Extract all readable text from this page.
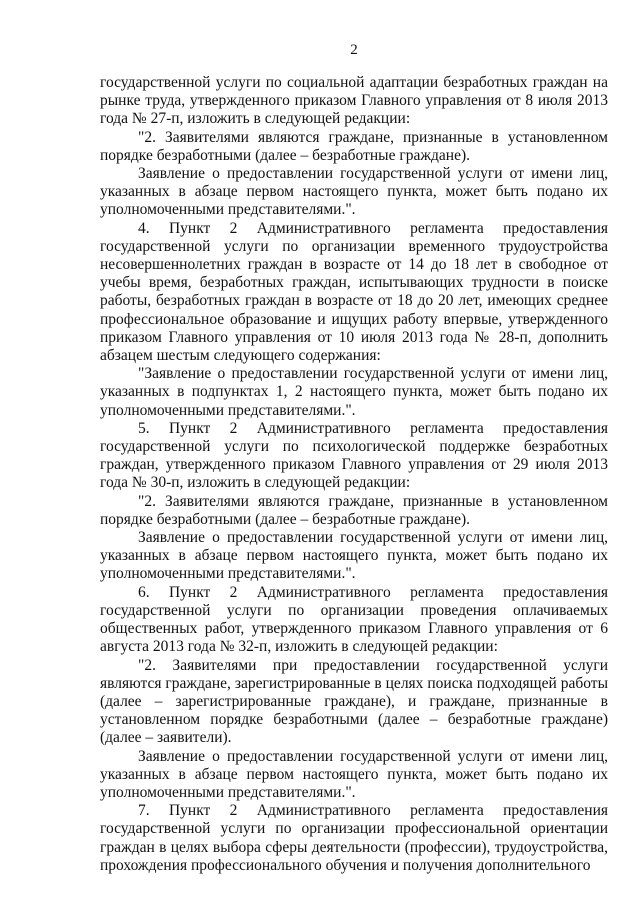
2

государственной услуги по социальной адаптации безработных граждан на рынке труда, утвержденного приказом Главного управления от 8 июля 2013 года № 27-п, изложить в следующей редакции:

"2. Заявителями являются граждане, признанные в установленном порядке безработными (далее – безработные граждане).

Заявление о предоставлении государственной услуги от имени лиц, указанных в абзаце первом настоящего пункта, может быть подано их уполномоченными представителями.".

4. Пункт 2 Административного регламента предоставления государственной услуги по организации временного трудоустройства несовершеннолетних граждан в возрасте от 14 до 18 лет в свободное от учебы время, безработных граждан, испытывающих трудности в поиске работы, безработных граждан в возрасте от 18 до 20 лет, имеющих среднее профессиональное образование и ищущих работу впервые, утвержденного приказом Главного управления от 10 июля 2013 года № 28-п, дополнить абзацем шестым следующего содержания:

"Заявление о предоставлении государственной услуги от имени лиц, указанных в подпунктах 1, 2 настоящего пункта, может быть подано их уполномоченными представителями.".

5. Пункт 2 Административного регламента предоставления государственной услуги по психологической поддержке безработных граждан, утвержденного приказом Главного управления от 29 июля 2013 года № 30-п, изложить в следующей редакции:

"2. Заявителями являются граждане, признанные в установленном порядке безработными (далее – безработные граждане).

Заявление о предоставлении государственной услуги от имени лиц, указанных в абзаце первом настоящего пункта, может быть подано их уполномоченными представителями.".

6. Пункт 2 Административного регламента предоставления государственной услуги по организации проведения оплачиваемых общественных работ, утвержденного приказом Главного управления от 6 августа 2013 года № 32-п, изложить в следующей редакции:

"2. Заявителями при предоставлении государственной услуги являются граждане, зарегистрированные в целях поиска подходящей работы (далее – зарегистрированные граждане), и граждане, признанные в установленном порядке безработными (далее – безработные граждане) (далее – заявители).

Заявление о предоставлении государственной услуги от имени лиц, указанных в абзаце первом настоящего пункта, может быть подано их уполномоченными представителями.".

7. Пункт 2 Административного регламента предоставления государственной услуги по организации профессиональной ориентации граждан в целях выбора сферы деятельности (профессии), трудоустройства, прохождения профессионального обучения и получения дополнительного
